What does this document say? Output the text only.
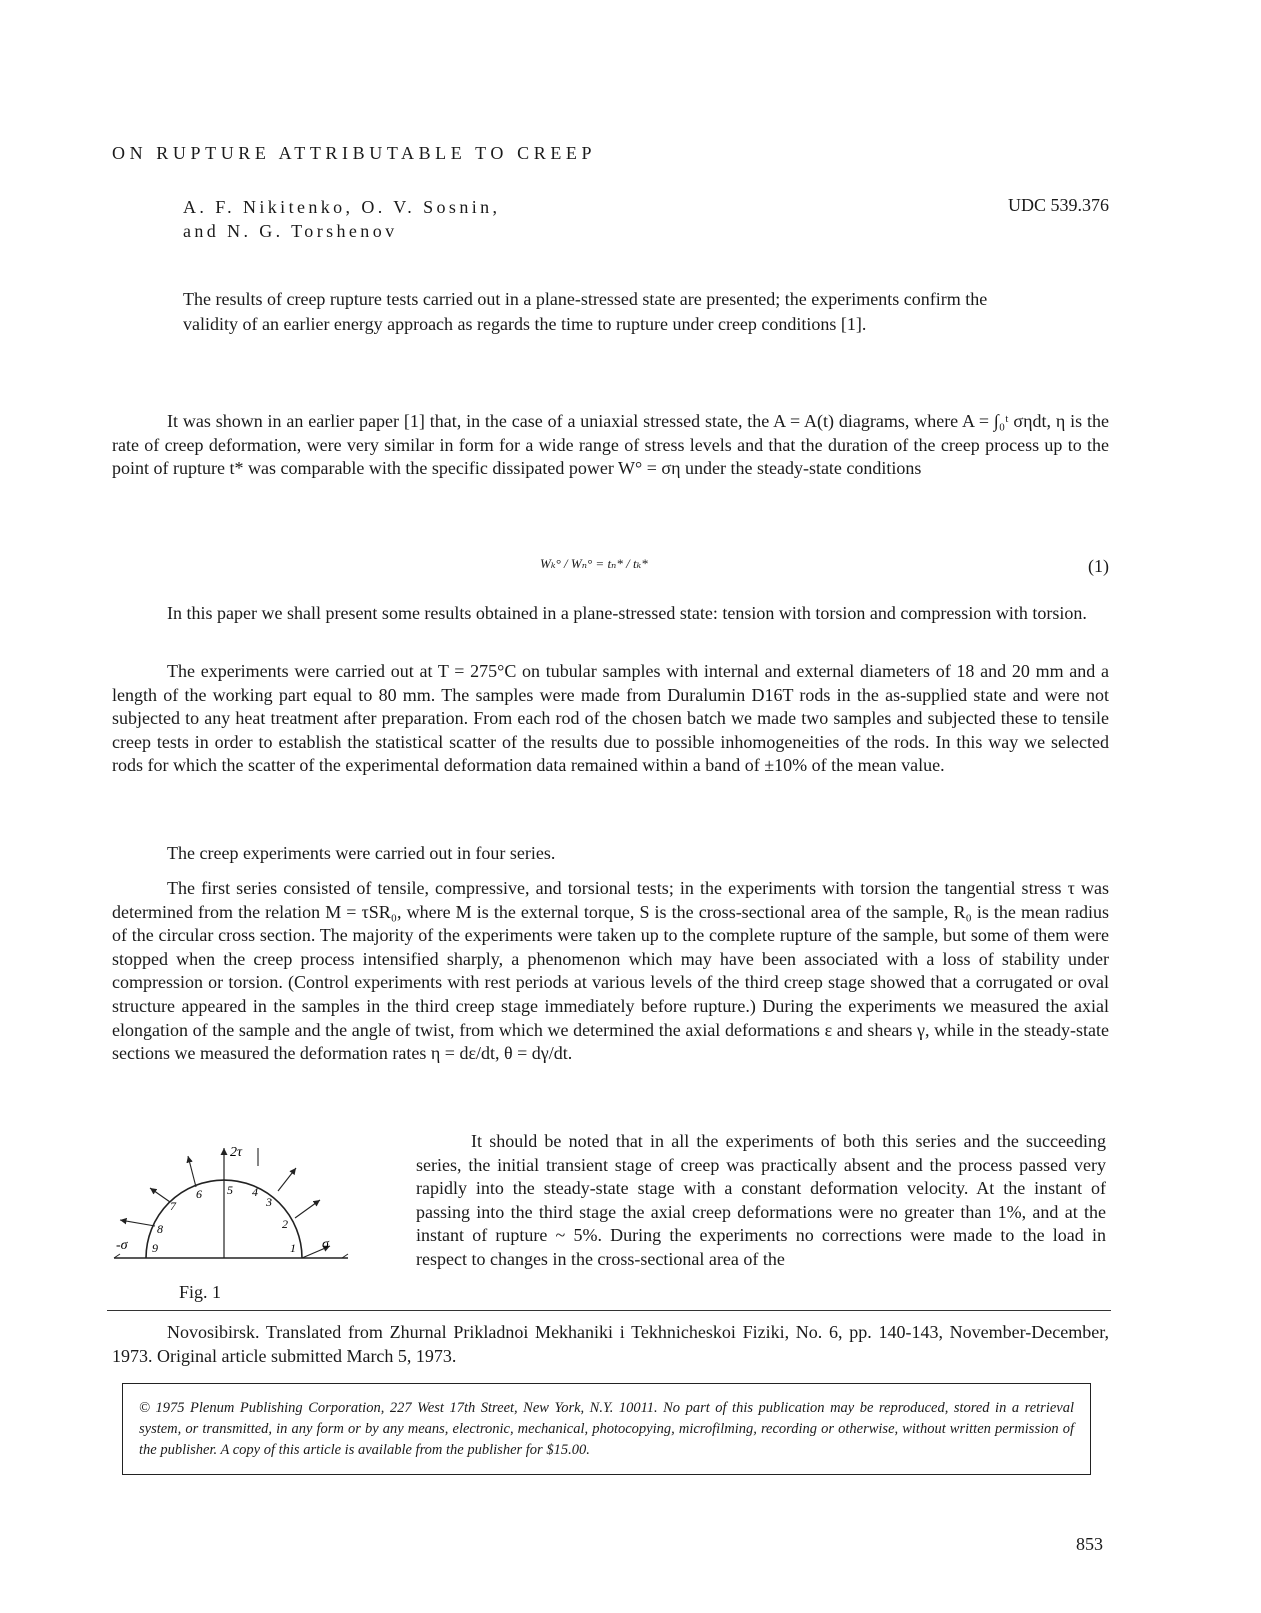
ON RUPTURE ATTRIBUTABLE TO CREEP
A. F. Nikitenko, O. V. Sosnin,
and N. G. Torshenov
UDC 539.376
The results of creep rupture tests carried out in a plane-stressed state are presented; the experiments confirm the validity of an earlier energy approach as regards the time to rupture under creep conditions [1].
It was shown in an earlier paper [1] that, in the case of a uniaxial stressed state, the A = A(t) diagrams, where A = ∫₀ᵗ σηdt, η is the rate of creep deformation, were very similar in form for a wide range of stress levels and that the duration of the creep process up to the point of rupture t* was comparable with the specific dissipated power W° = ση under the steady-state conditions
Wₖ° / Wₙ° = tₙ* / tₖ*	(1)
In this paper we shall present some results obtained in a plane-stressed state: tension with torsion and compression with torsion.
The experiments were carried out at T = 275°C on tubular samples with internal and external diameters of 18 and 20 mm and a length of the working part equal to 80 mm. The samples were made from Duralumin D16T rods in the as-supplied state and were not subjected to any heat treatment after preparation. From each rod of the chosen batch we made two samples and subjected these to tensile creep tests in order to establish the statistical scatter of the results due to possible inhomogeneities of the rods. In this way we selected rods for which the scatter of the experimental deformation data remained within a band of ±10% of the mean value.
The creep experiments were carried out in four series.
The first series consisted of tensile, compressive, and torsional tests; in the experiments with torsion the tangential stress τ was determined from the relation M = τSR₀, where M is the external torque, S is the cross-sectional area of the sample, R₀ is the mean radius of the circular cross section. The majority of the experiments were taken up to the complete rupture of the sample, but some of them were stopped when the creep process intensified sharply, a phenomenon which may have been associated with a loss of stability under compression or torsion. (Control experiments with rest periods at various levels of the third creep stage showed that a corrugated or oval structure appeared in the samples in the third creep stage immediately before rupture.) During the experiments we measured the axial elongation of the sample and the angle of twist, from which we determined the axial deformations ε and shears γ, while in the steady-state sections we measured the deformation rates η = dε/dt, θ = dγ/dt.
2τ
-σ	σ
1
2
3
4
5
6
7
8
9
Fig. 1
It should be noted that in all the experiments of both this series and the succeeding series, the initial transient stage of creep was practically absent and the process passed very rapidly into the steady-state stage with a constant deformation velocity. At the instant of passing into the third stage the axial creep deformations were no greater than 1%, and at the instant of rupture ~ 5%. During the experiments no corrections were made to the load in respect to changes in the cross-sectional area of the
Novosibirsk. Translated from Zhurnal Prikladnoi Mekhaniki i Tekhnicheskoi Fiziki, No. 6, pp. 140-143, November-December, 1973. Original article submitted March 5, 1973.
© 1975 Plenum Publishing Corporation, 227 West 17th Street, New York, N.Y. 10011. No part of this publication may be reproduced, stored in a retrieval system, or transmitted, in any form or by any means, electronic, mechanical, photocopying, microfilming, recording or otherwise, without written permission of the publisher. A copy of this article is available from the publisher for $15.00.
853
